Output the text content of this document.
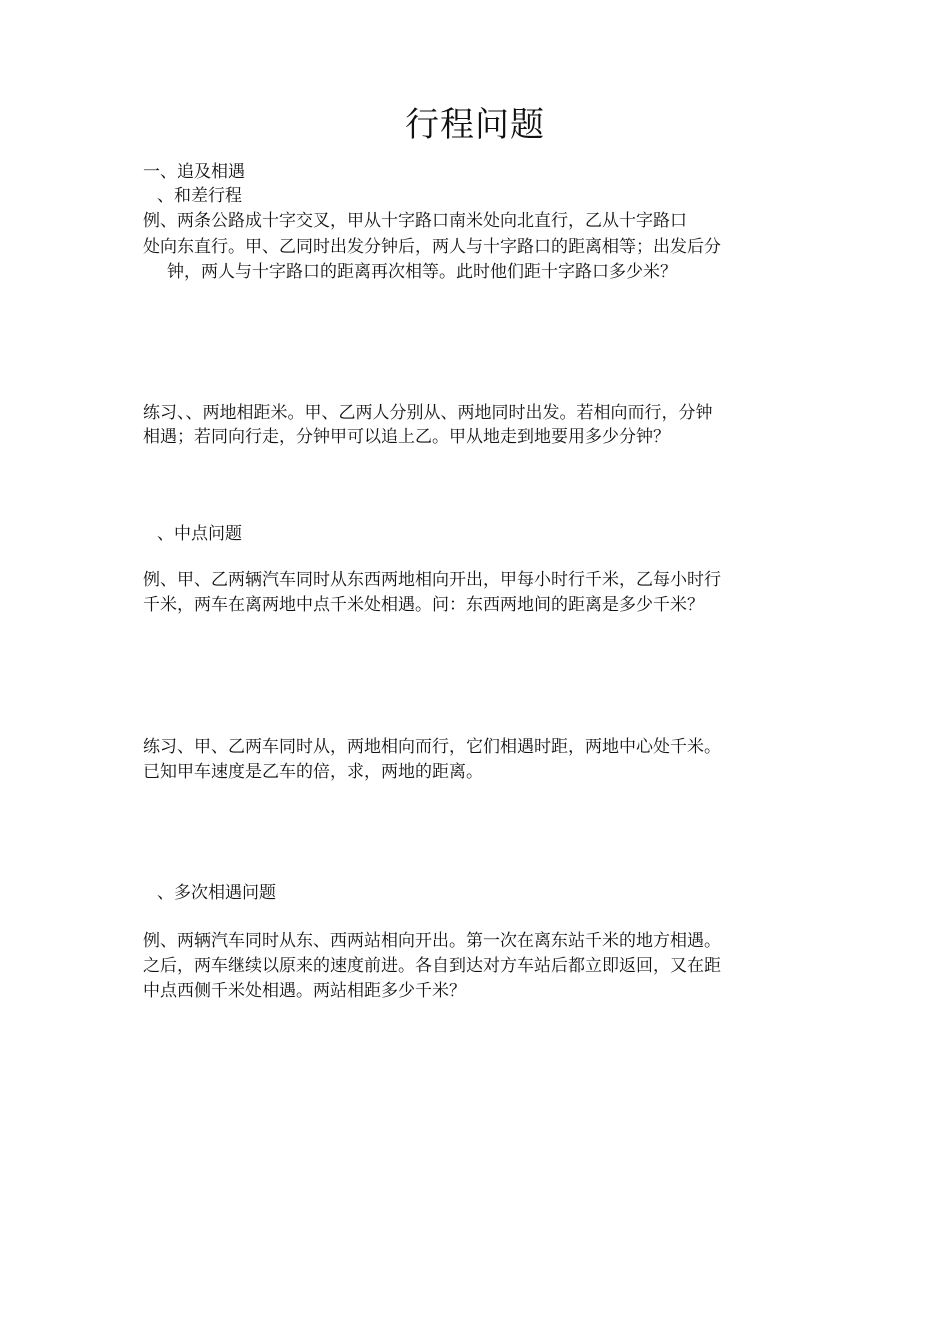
行程问题
一、追及相遇
、和差行程
例、两条公路成十字交叉，甲从十字路口南米处向北直行，乙从十字路口
处向东直行。甲、乙同时出发分钟后，两人与十字路口的距离相等；出发后分
钟，两人与十字路口的距离再次相等。此时他们距十字路口多少米？
练习、、两地相距米。甲、乙两人分别从、两地同时出发。若相向而行，分钟
相遇；若同向行走，分钟甲可以追上乙。甲从地走到地要用多少分钟？
、中点问题
例、甲、乙两辆汽车同时从东西两地相向开出，甲每小时行千米，乙每小时行
千米，两车在离两地中点千米处相遇。问：东西两地间的距离是多少千米？
练习、甲、乙两车同时从，两地相向而行，它们相遇时距，两地中心处千米。
已知甲车速度是乙车的倍，求，两地的距离。
、多次相遇问题
例、两辆汽车同时从东、西两站相向开出。第一次在离东站千米的地方相遇。
之后，两车继续以原来的速度前进。各自到达对方车站后都立即返回，又在距
中点西侧千米处相遇。两站相距多少千米？
